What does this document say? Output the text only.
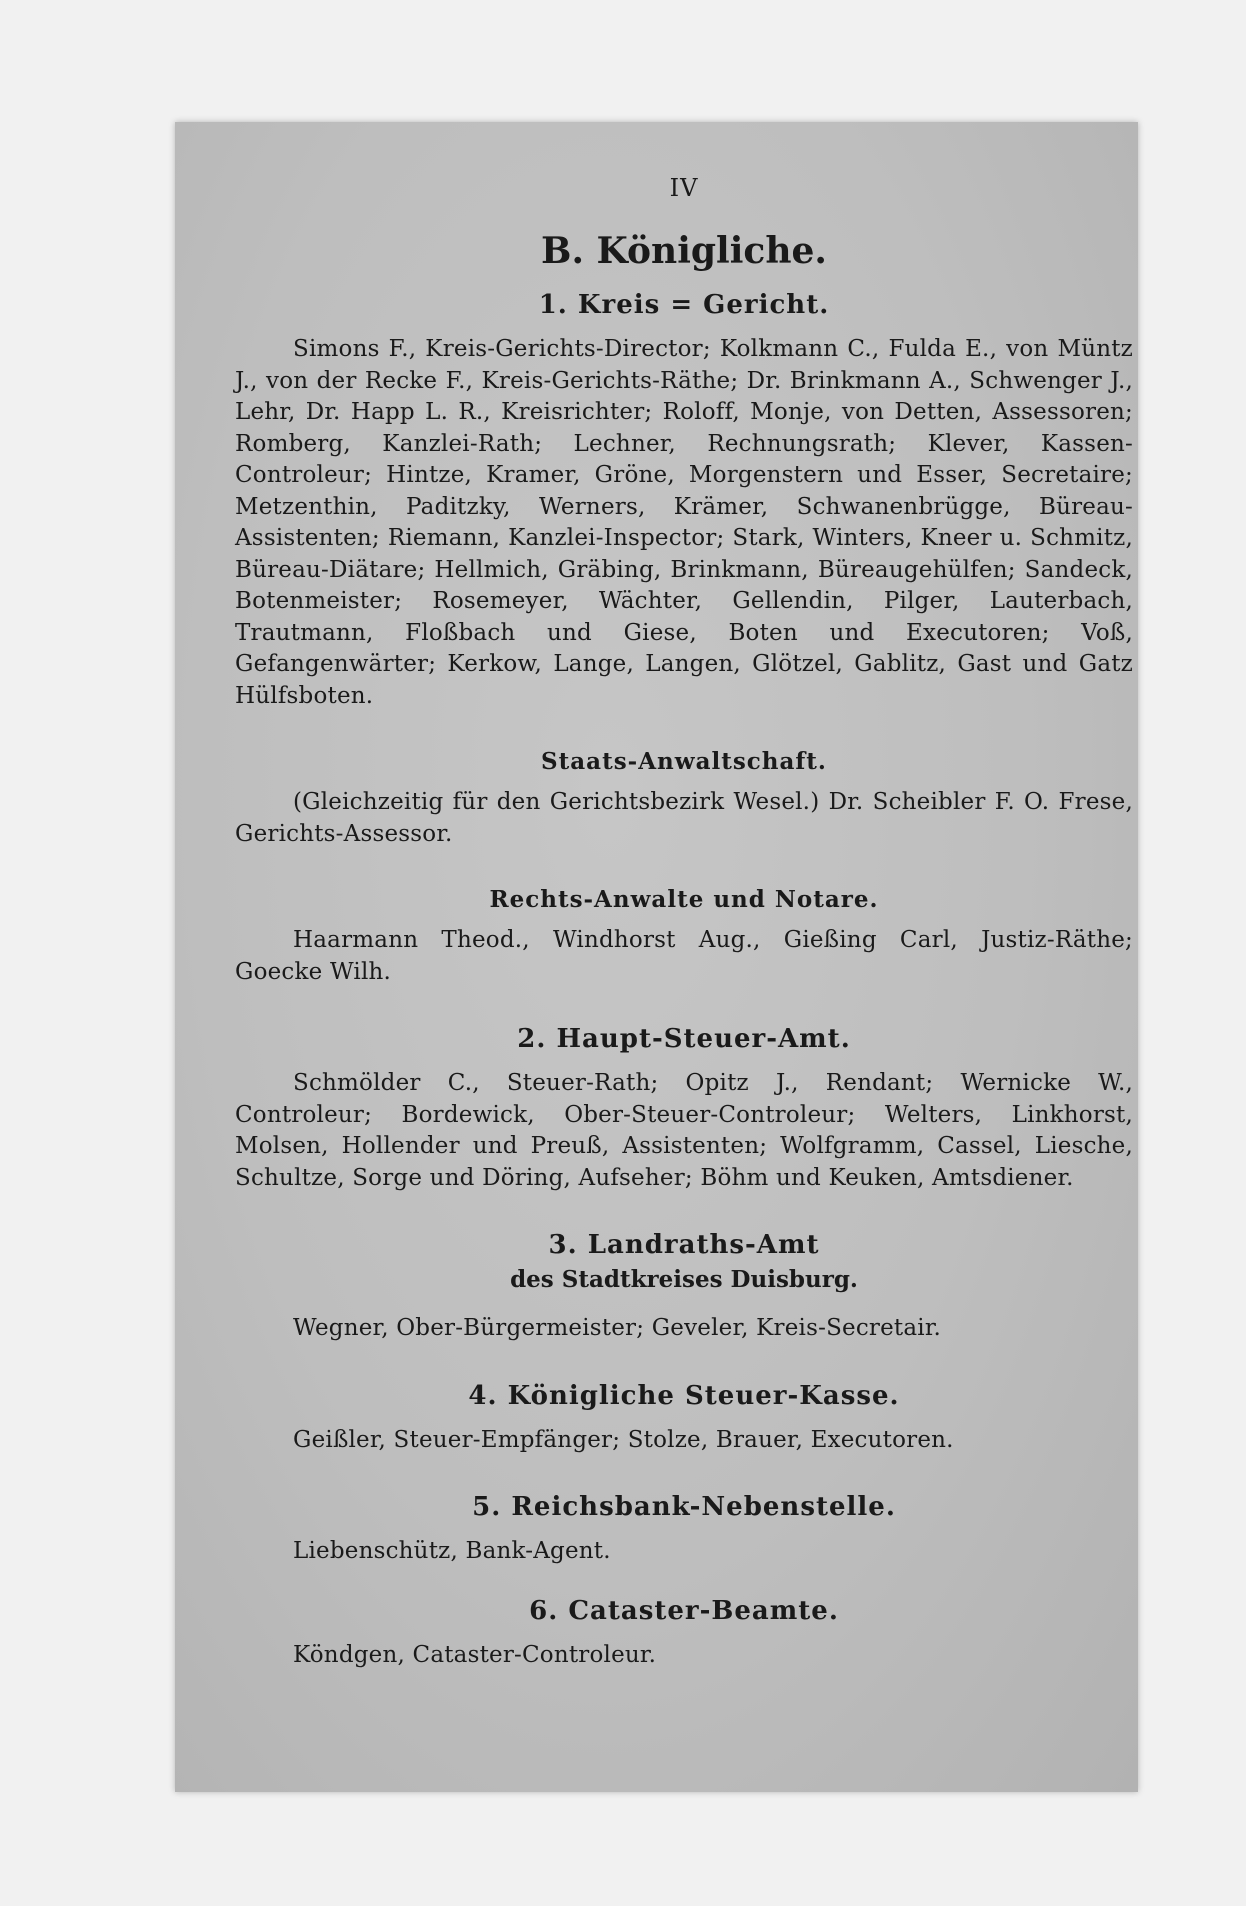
IV
B. Königliche.
1. Kreis = Gericht.

Simons F., Kreis-Gerichts-Director; Kolkmann C., Fulda E., von Müntz J., von der Recke F., Kreis-Gerichts-Räthe; Dr. Brinkmann A., Schwenger J., Lehr, Dr. Happ L. R., Kreisrichter; Roloff, Monje, von Detten, Assessoren; Romberg, Kanzlei-Rath; Lechner, Rechnungsrath; Klever, Kassen-Controleur; Hintze, Kramer, Gröne, Morgenstern und Esser, Secretaire; Metzenthin, Paditzky, Werners, Krämer, Schwanenbrügge, Büreau-Assistenten; Riemann, Kanzlei-Inspector; Stark, Winters, Kneer u. Schmitz, Büreau-Diätare; Hellmich, Gräbing, Brinkmann, Büreaugehülfen; Sandeck, Botenmeister; Rosemeyer, Wächter, Gellendin, Pilger, Lauterbach, Trautmann, Floßbach und Giese, Boten und Executoren; Voß, Gefangenwärter; Kerkow, Lange, Langen, Glötzel, Gablitz, Gast und Gatz Hülfsboten.

Staats-Anwaltschaft.

(Gleichzeitig für den Gerichtsbezirk Wesel.) Dr. Scheibler F. O. Frese, Gerichts-Assessor.

Rechts-Anwalte und Notare.

Haarmann Theod., Windhorst Aug., Gießing Carl, Justiz-Räthe; Goecke Wilh.

2. Haupt-Steuer-Amt.

Schmölder C., Steuer-Rath; Opitz J., Rendant; Wernicke W., Controleur; Bordewick, Ober-Steuer-Controleur; Welters, Linkhorst, Molsen, Hollender und Preuß, Assistenten; Wolfgramm, Cassel, Liesche, Schultze, Sorge und Döring, Aufseher; Böhm und Keuken, Amtsdiener.

3. Landraths-Amt
des Stadtkreises Duisburg.

Wegner, Ober-Bürgermeister; Geveler, Kreis-Secretair.

4. Königliche Steuer-Kasse.

Geißler, Steuer-Empfänger; Stolze, Brauer, Executoren.

5. Reichsbank-Nebenstelle.

Liebenschütz, Bank-Agent.

6. Cataster-Beamte.

Köndgen, Cataster-Controleur.
